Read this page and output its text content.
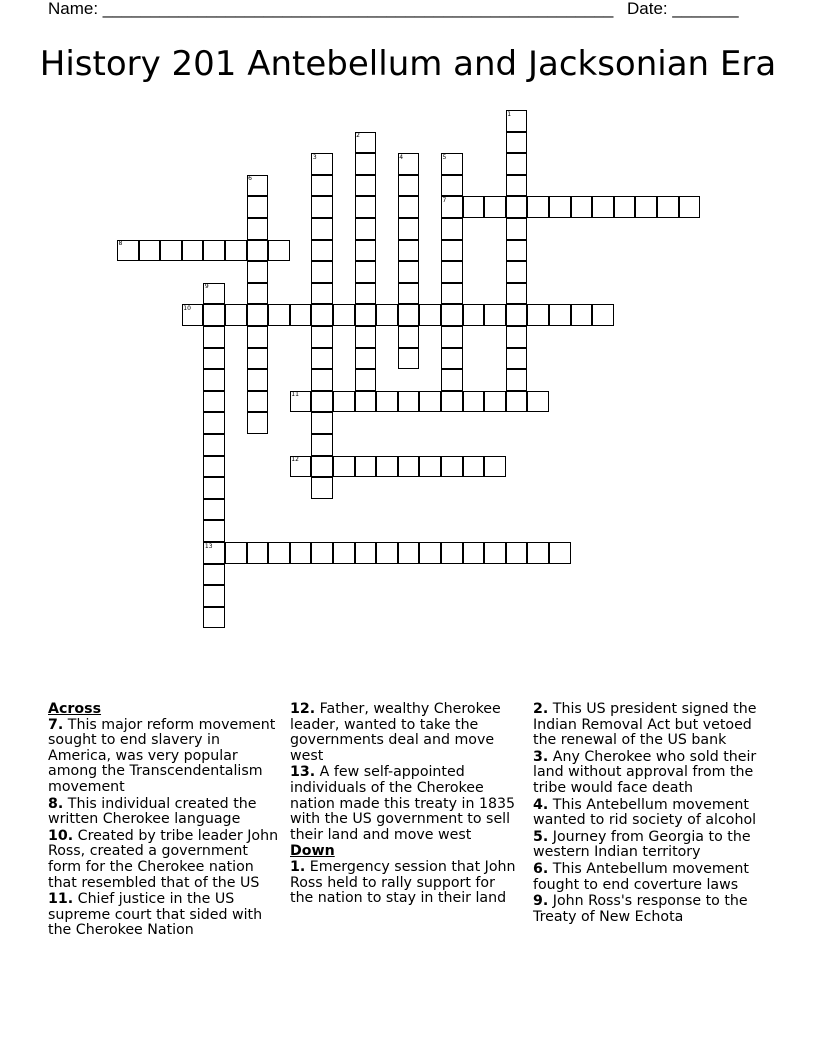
Name: ______________________________________________________ Date: _______
History 201 Antebellum and Jacksonian Era
7
8
10
11
12
13
1
2
3	4	5
6
9
Across
7. This major reform movement sought to end slavery in America, was very popular among the Transcendentalism movement
8. This individual created the written Cherokee language
10. Created by tribe leader John Ross, created a government form for the Cherokee nation that resembled that of the US
11. Chief justice in the US supreme court that sided with the Cherokee Nation
12. Father, wealthy Cherokee leader, wanted to take the governments deal and move west
13. A few self-appointed individuals of the Cherokee nation made this treaty in 1835 with the US government to sell their land and move west
Down
1. Emergency session that John Ross held to rally support for the nation to stay in their land
2. This US president signed the Indian Removal Act but vetoed the renewal of the US bank
3. Any Cherokee who sold their land without approval from the tribe would face death
4. This Antebellum movement wanted to rid society of alcohol
5. Journey from Georgia to the western Indian territory
6. This Antebellum movement fought to end coverture laws
9. John Ross's response to the Treaty of New Echota
